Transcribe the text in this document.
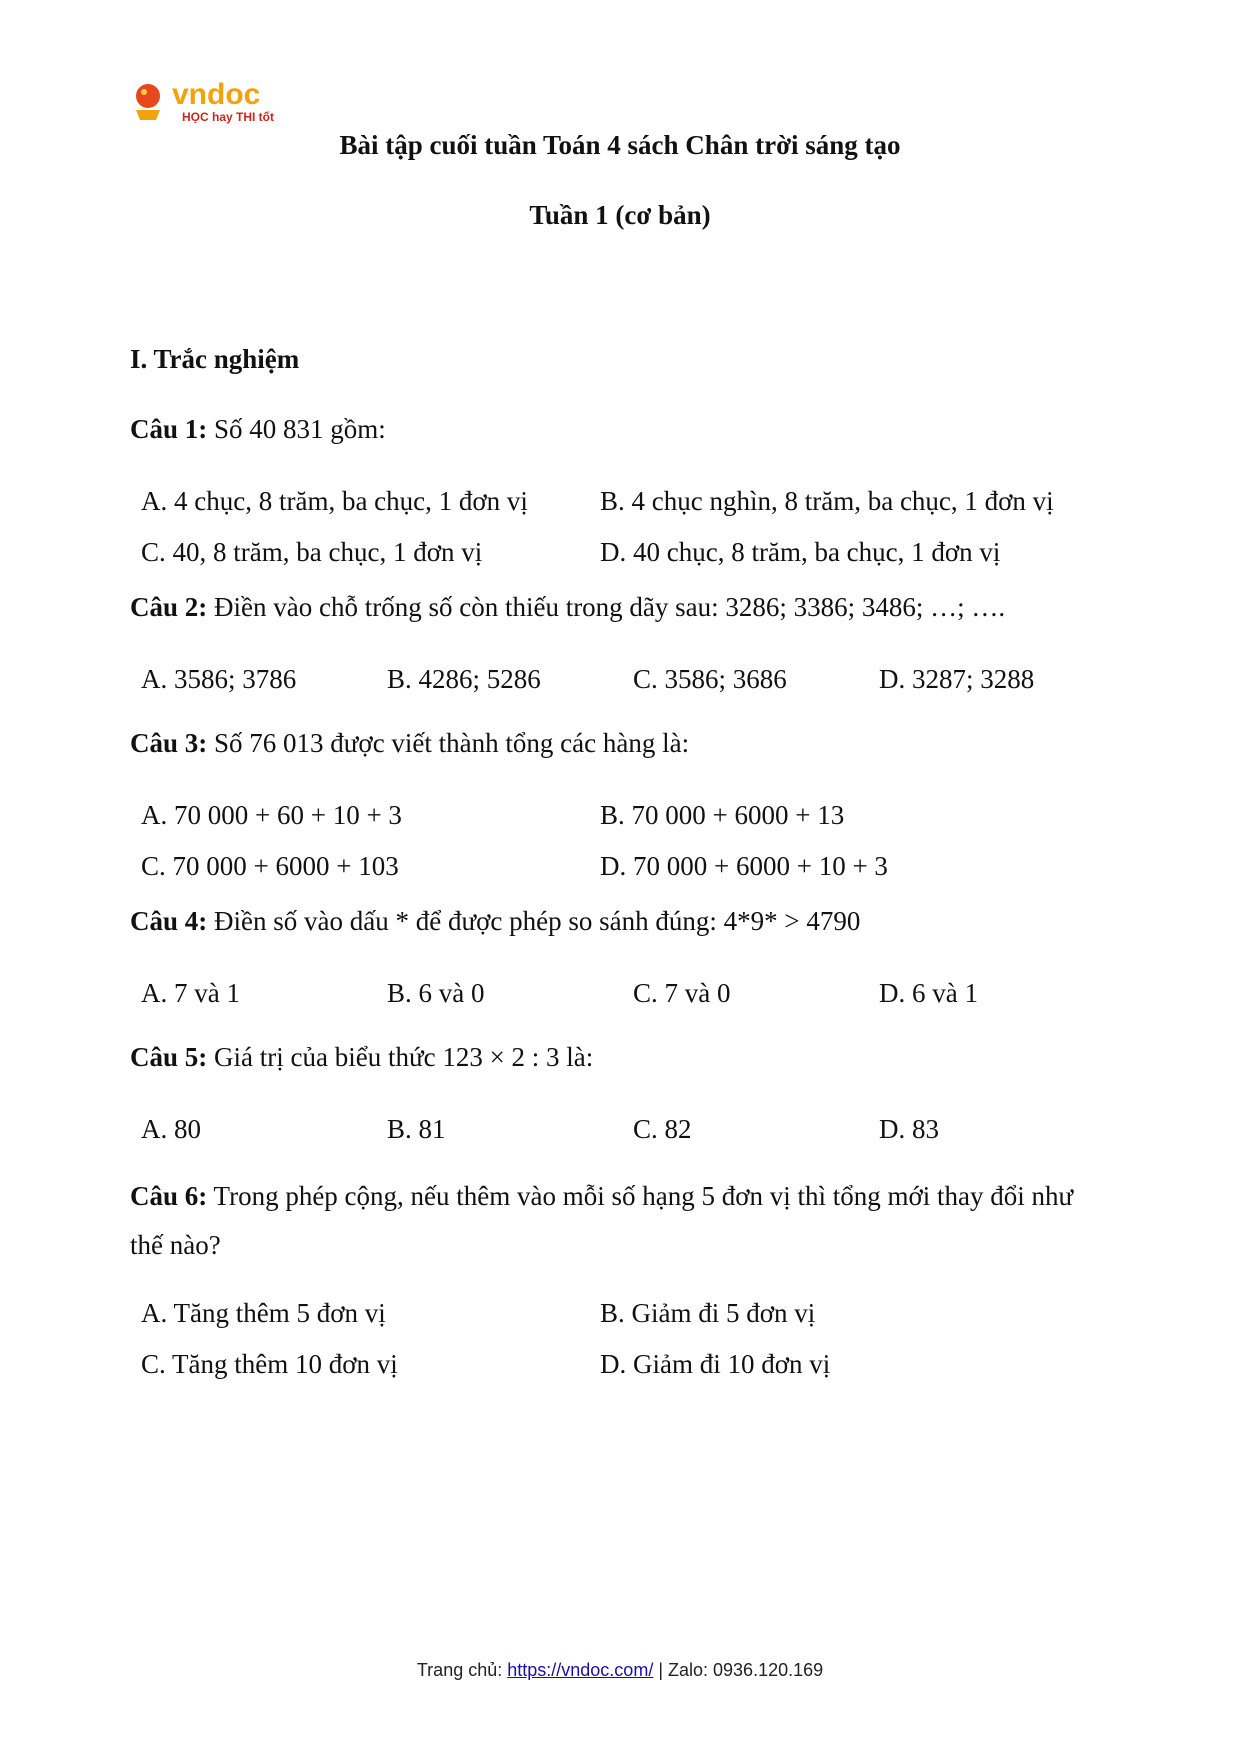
vndoc
HỌC hay THI tốt
Bài tập cuối tuần Toán 4 sách Chân trời sáng tạo
Tuần 1 (cơ bản)
I. Trắc nghiệm
Câu 1: Số 40 831 gồm:
A. 4 chục, 8 trăm, ba chục, 1 đơn vị	B. 4 chục nghìn, 8 trăm, ba chục, 1 đơn vị
C. 40, 8 trăm, ba chục, 1 đơn vị	D. 40 chục, 8 trăm, ba chục, 1 đơn vị
Câu 2: Điền vào chỗ trống số còn thiếu trong dãy sau: 3286; 3386; 3486; …; ….
A. 3586; 3786	B. 4286; 5286	C. 3586; 3686	D. 3287; 3288
Câu 3: Số 76 013 được viết thành tổng các hàng là:
A. 70 000 + 60 + 10 + 3	B. 70 000 + 6000 + 13
C. 70 000 + 6000 + 103	D. 70 000 + 6000 + 10 + 3
Câu 4: Điền số vào dấu * để được phép so sánh đúng: 4*9* > 4790
A. 7 và 1	B. 6 và 0	C. 7 và 0	D. 6 và 1
Câu 5: Giá trị của biểu thức 123 × 2 : 3 là:
A. 80	B. 81	C. 82	D. 83
Câu 6: Trong phép cộng, nếu thêm vào mỗi số hạng 5 đơn vị thì tổng mới thay đổi như thế nào?
A. Tăng thêm 5 đơn vị	B. Giảm đi 5 đơn vị
C. Tăng thêm 10 đơn vị	D. Giảm đi 10 đơn vị
Trang chủ: https://vndoc.com/ | Zalo: 0936.120.169
